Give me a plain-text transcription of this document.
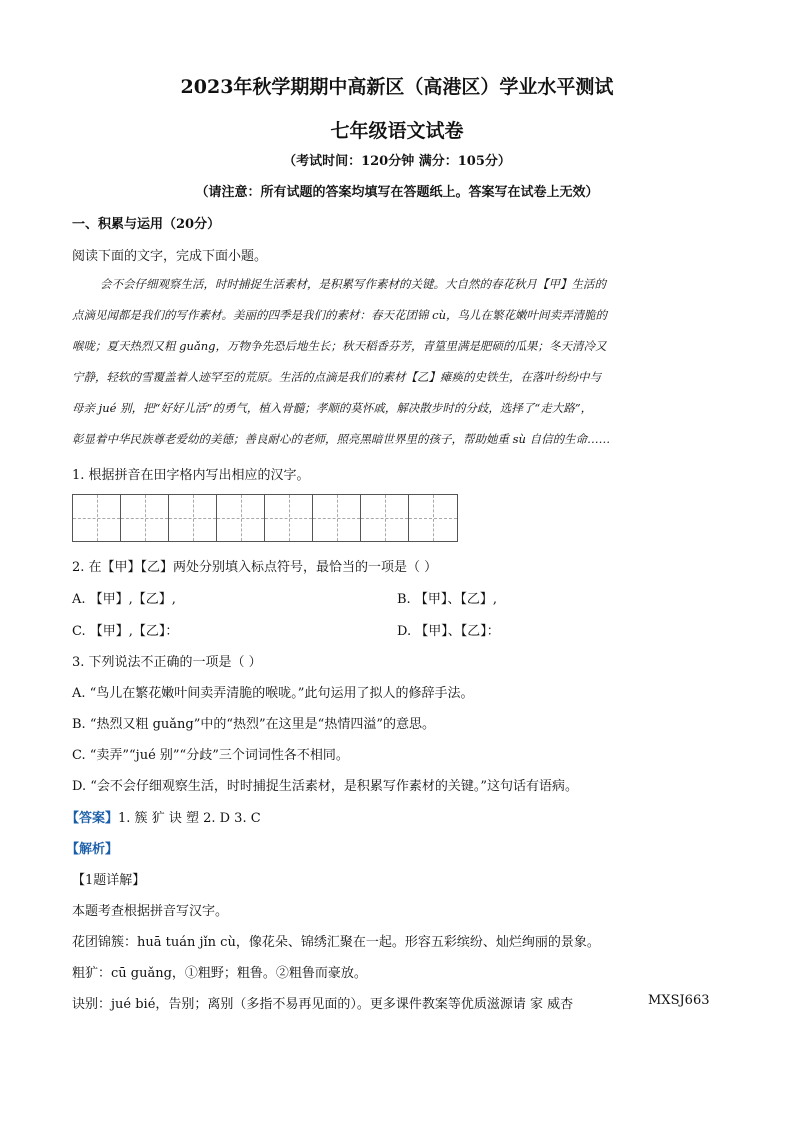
2023年秋学期期中高新区（高港区）学业水平测试
七年级语文试卷
（考试时间：120分钟 满分：105分）
（请注意：所有试题的答案均填写在答题纸上。答案写在试卷上无效）
一、积累与运用（20分）
阅读下面的文字，完成下面小题。
会不会仔细观察生活，时时捕捉生活素材，是积累写作素材的关键。大自然的春花秋月【甲】生活的
点滴见闻都是我们的写作素材。美丽的四季是我们的素材：春天花团锦 cù，鸟儿在繁花嫩叶间卖弄清脆的
喉咙；夏天热烈又粗 guǎng，万物争先恐后地生长；秋天稻香芬芳，青篁里满是肥硕的瓜果；冬天清冷又
宁静，轻软的雪覆盖着人迹罕至的荒原。生活的点滴是我们的素材【乙】瘫痪的史铁生，在落叶纷纷中与
母亲 jué 别，把“好好儿活”的勇气，植入骨髓；孝顺的莫怀戚，解决散步时的分歧，选择了“走大路”，
彰显着中华民族尊老爱幼的美德；善良耐心的老师，照亮黑暗世界里的孩子，帮助她重 sù 自信的生命……
1. 根据拼音在田字格内写出相应的汉字。
2. 在【甲】【乙】两处分别填入标点符号，最恰当的一项是（ ）
A. 【甲】,【乙】,	B. 【甲】、【乙】,
C. 【甲】,【乙】：	D. 【甲】、【乙】：
3. 下列说法不正确的一项是（ ）
A. “鸟儿在繁花嫩叶间卖弄清脆的喉咙。”此句运用了拟人的修辞手法。
B. “热烈又粗 guǎng”中的“热烈”在这里是“热情四溢”的意思。
C. “卖弄”“jué 别”“分歧”三个词词性各不相同。
D. “会不会仔细观察生活，时时捕捉生活素材，是积累写作素材的关键。”这句话有语病。
【答案】1. 簇 犷 诀 塑 2. D 3. C
【解析】
【1题详解】
本题考查根据拼音写汉字。
花团锦簇：huā tuán jǐn cù，像花朵、锦绣汇聚在一起。形容五彩缤纷、灿烂绚丽的景象。
粗犷：cū guǎng，①粗野；粗鲁。②粗鲁而豪放。
诀别：jué bié，告别；离别（多指不易再见面的）。更多课件教案等优质滋源请 家 威杏	MXSJ663
